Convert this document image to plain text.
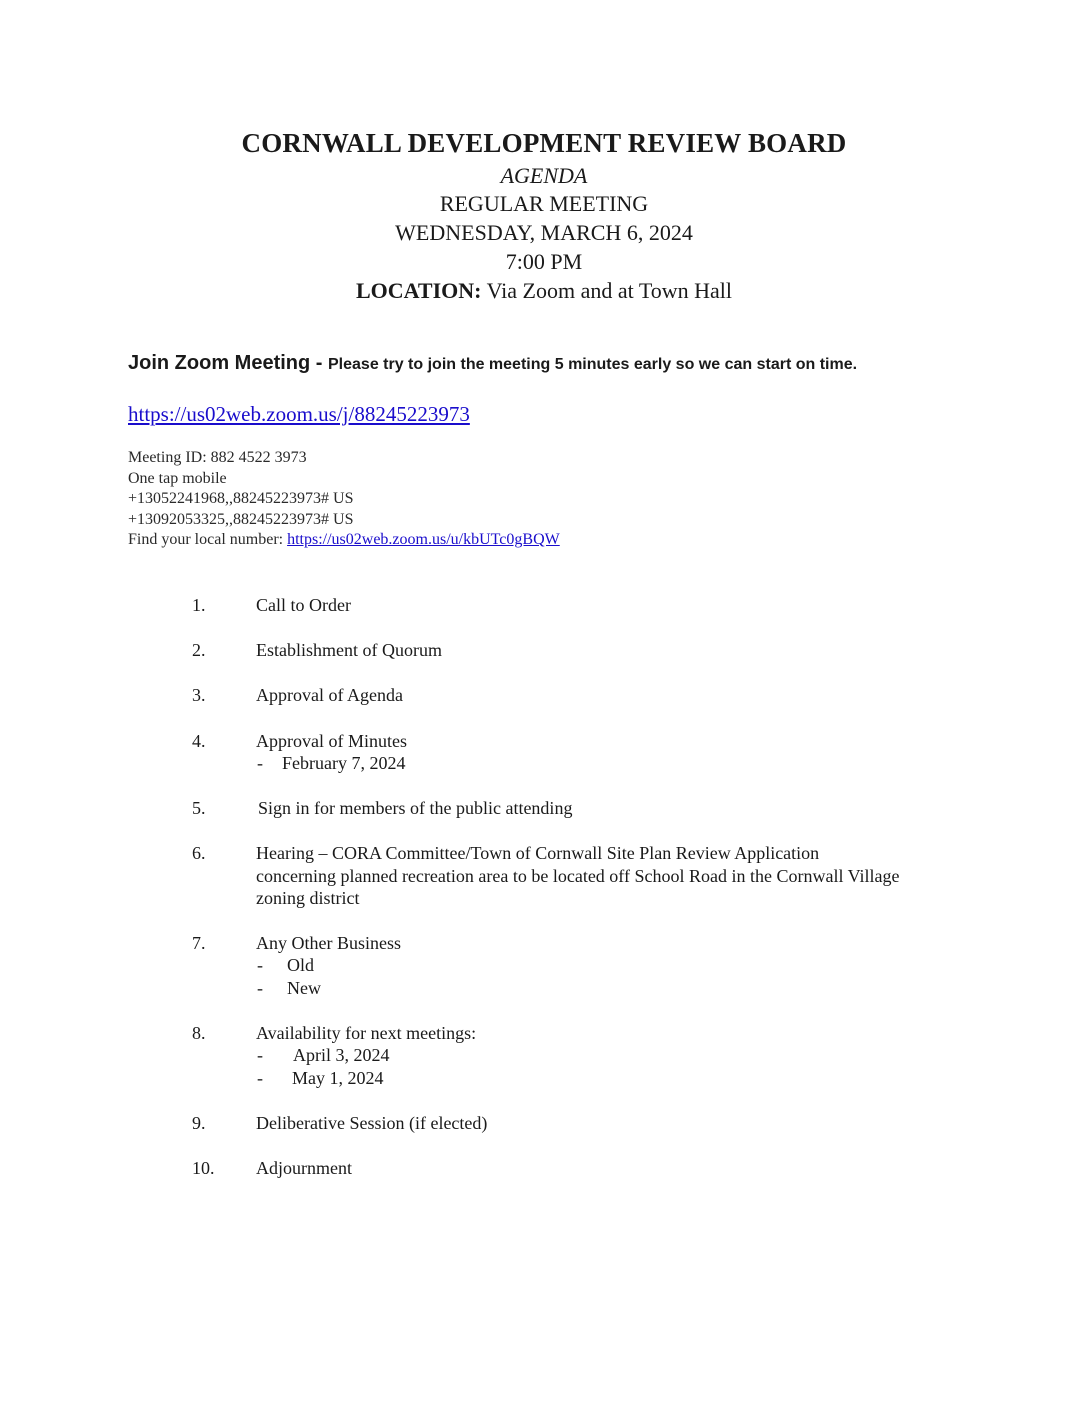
CORNWALL DEVELOPMENT REVIEW BOARD
AGENDA
REGULAR MEETING
WEDNESDAY, MARCH 6, 2024
7:00 PM
LOCATION: Via Zoom and at Town Hall
Join Zoom Meeting - Please try to join the meeting 5 minutes early so we can start on time.
https://us02web.zoom.us/j/88245223973
Meeting ID: 882 4522 3973
One tap mobile
+13052241968,,88245223973# US
+13092053325,,88245223973# US
Find your local number: https://us02web.zoom.us/u/kbUTc0gBQW
1.	Call to Order
2.	Establishment of Quorum
3.	Approval of Agenda
4.	Approval of Minutes
- February 7, 2024
5.	Sign in for members of the public attending
6.	Hearing – CORA Committee/Town of Cornwall Site Plan Review Application
concerning planned recreation area to be located off School Road in the Cornwall Village
zoning district
7.	Any Other Business
- Old
- New
8.	Availability for next meetings:
- April 3, 2024
- May 1, 2024
9.	Deliberative Session (if elected)
10. Adjournment
